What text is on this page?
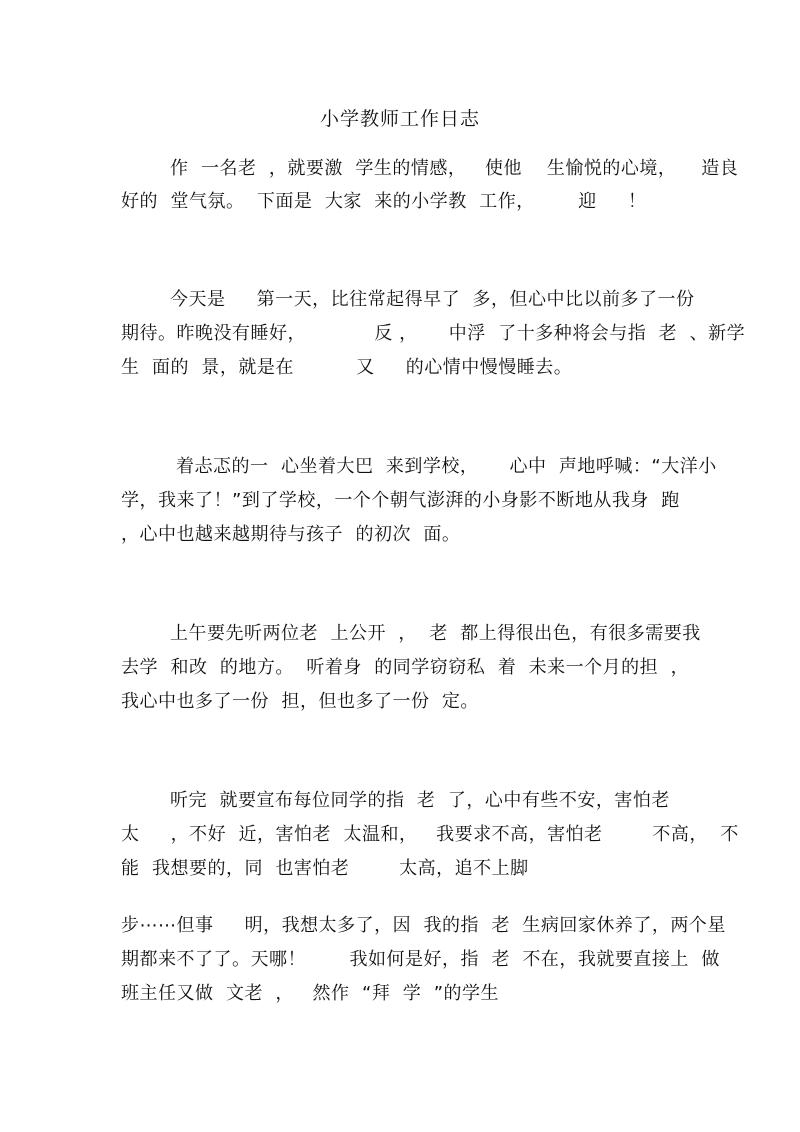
小学教师工作日志
作  一名老  ，就要激  学生的情感，   使他    生愉悦的心境，    造良
好的  堂气氛。  下面是  大家  来的小学教  工作，       迎     ！
今天是     第一天，比往常起得早了  多，但心中比以前多了一份
期待。昨晚没有睡好，           反 ，     中浮  了十多种将会与指  老  、新学
生  面的  景，就是在          又     的心情中慢慢睡去。
着忐忑的一  心坐着大巴  来到学校，     心中  声地呼喊：“大洋小
学，我来了！”到了学校，一个个朝气澎湃的小身影不断地从我身  跑
，心中也越来越期待与孩子  的初次  面。
上午要先听两位老  上公开  ，  老  都上得很出色，有很多需要我
去学  和改  的地方。  听着身  的同学窃窃私  着  未来一个月的担  ，
我心中也多了一份  担，但也多了一份  定。
听完  就要宣布每位同学的指  老  了，心中有些不安，害怕老
太     ，不好  近，害怕老  太温和，   我要求不高，害怕老        不高，  不
能  我想要的，同  也害怕老        太高，追不上脚
步⋯⋯但事     明，我想太多了，因  我的指  老  生病回家休养了，两个星
期都来不了了。天哪！       我如何是好，指  老  不在，我就要直接上  做
班主任又做  文老  ，   然作  “拜  学  ”的学生
